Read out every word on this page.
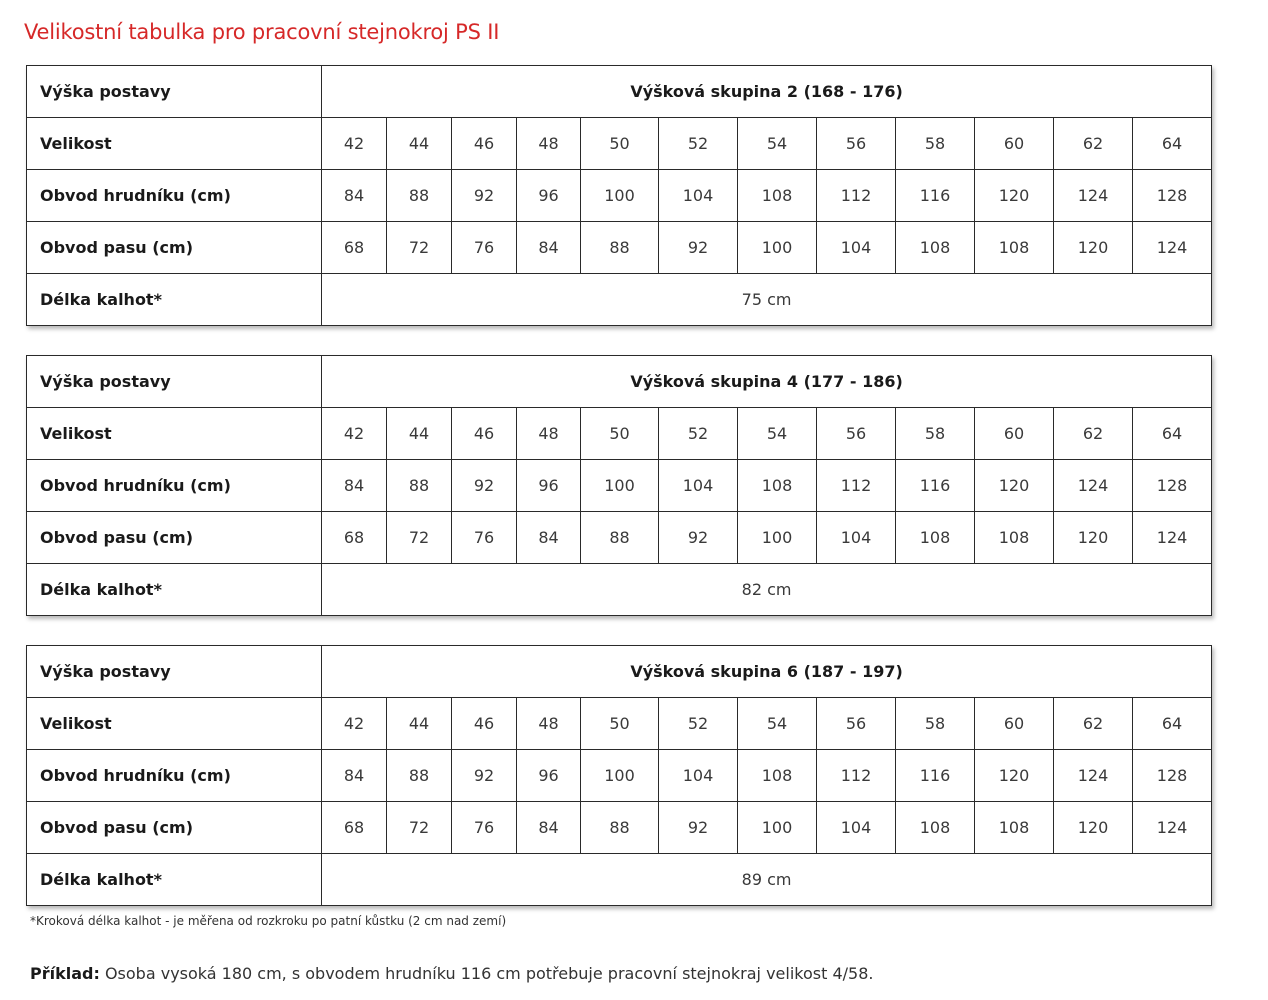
Velikostní tabulka pro pracovní stejnokroj PS II
Výška postavy	Výšková skupina 2 (168 - 176)											
Velikost	42	44	46	48	50	52	54	56	58	60	62	64
Obvod hrudníku (cm)	84	88	92	96	100	104	108	112	116	120	124	128
Obvod pasu (cm)	68	72	76	84	88	92	100	104	108	108	120	124
Délka kalhot*	75 cm											
Výška postavy	Výšková skupina 4 (177 - 186)											
Velikost	42	44	46	48	50	52	54	56	58	60	62	64
Obvod hrudníku (cm)	84	88	92	96	100	104	108	112	116	120	124	128
Obvod pasu (cm)	68	72	76	84	88	92	100	104	108	108	120	124
Délka kalhot*	82 cm											
Výška postavy	Výšková skupina 6 (187 - 197)											
Velikost	42	44	46	48	50	52	54	56	58	60	62	64
Obvod hrudníku (cm)	84	88	92	96	100	104	108	112	116	120	124	128
Obvod pasu (cm)	68	72	76	84	88	92	100	104	108	108	120	124
Délka kalhot*	89 cm											
*Kroková délka kalhot - je měřena od rozkroku po patní kůstku (2 cm nad zemí)
Příklad: Osoba vysoká 180 cm, s obvodem hrudníku 116 cm potřebuje pracovní stejnokraj velikost 4/58.
